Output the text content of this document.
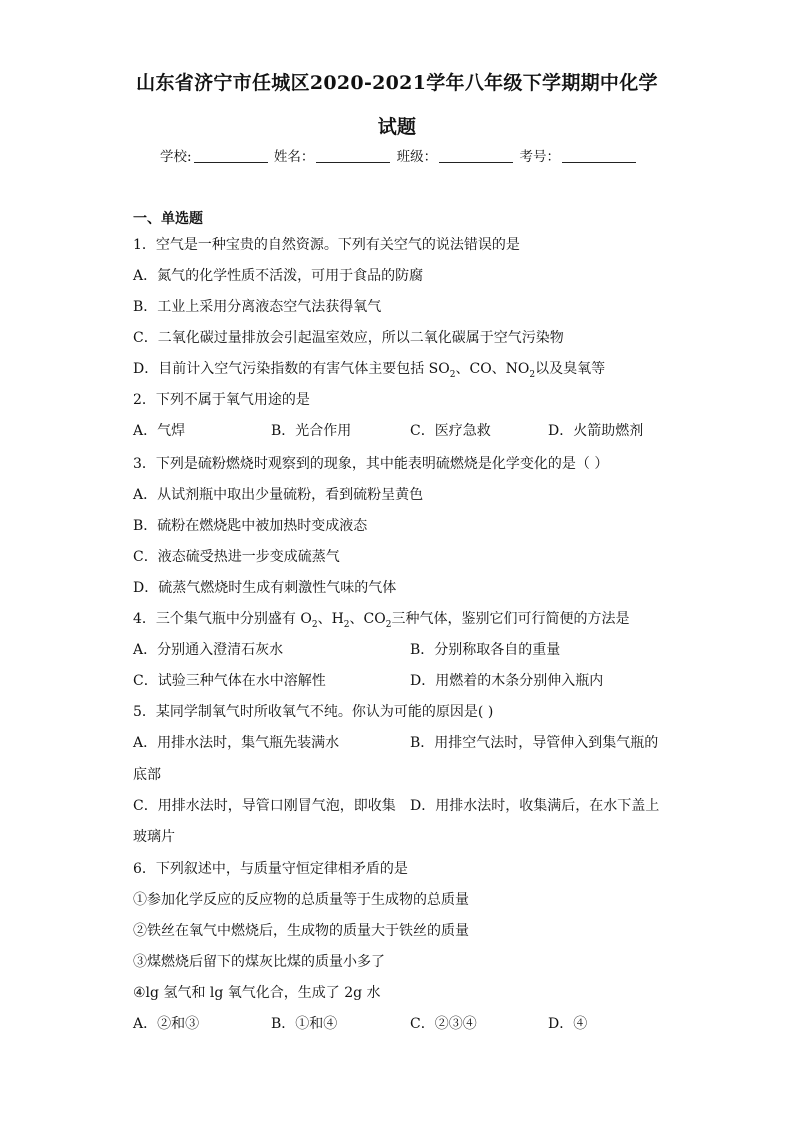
山东省济宁市任城区2020-2021学年八年级下学期期中化学
试题
学校:	姓名：	班级：	考号：
一、单选题
1．空气是一种宝贵的自然资源。下列有关空气的说法错误的是
A．氮气的化学性质不活泼，可用于食品的防腐
B．工业上采用分离液态空气法获得氧气
C．二氧化碳过量排放会引起温室效应，所以二氧化碳属于空气污染物
D．目前计入空气污染指数的有害气体主要包括 $SO_2$、CO、$NO_2$以及臭氧等
2．下列不属于氧气用途的是
A．气焊	B．光合作用	C．医疗急救	D．火箭助燃剂
3．下列是硫粉燃烧时观察到的现象，其中能表明硫燃烧是化学变化的是（ ）
A．从试剂瓶中取出少量硫粉，看到硫粉呈黄色
B．硫粉在燃烧匙中被加热时变成液态
C．液态硫受热进一步变成硫蒸气
D．硫蒸气燃烧时生成有刺激性气味的气体
4．三个集气瓶中分别盛有 $O_2$、$H_2$、$CO_2$三种气体，鉴别它们可行简便的方法是
A．分别通入澄清石灰水	B．分别称取各自的重量
C．试验三种气体在水中溶解性	D．用燃着的木条分别伸入瓶内
5．某同学制氧气时所收氧气不纯。你认为可能的原因是( )
A．用排水法时，集气瓶先装满水	B．用排空气法时，导管伸入到集气瓶的
底部
C．用排水法时，导管口刚冒气泡，即收集 D．用排水法时，收集满后，在水下盖上
玻璃片
6．下列叙述中，与质量守恒定律相矛盾的是
①参加化学反应的反应物的总质量等于生成物的总质量
②铁丝在氧气中燃烧后，生成物的质量大于铁丝的质量
③煤燃烧后留下的煤灰比煤的质量小多了
④lg 氢气和 lg 氧气化合，生成了 2g 水
A．②和③	B．①和④	C．②③④	D．④
